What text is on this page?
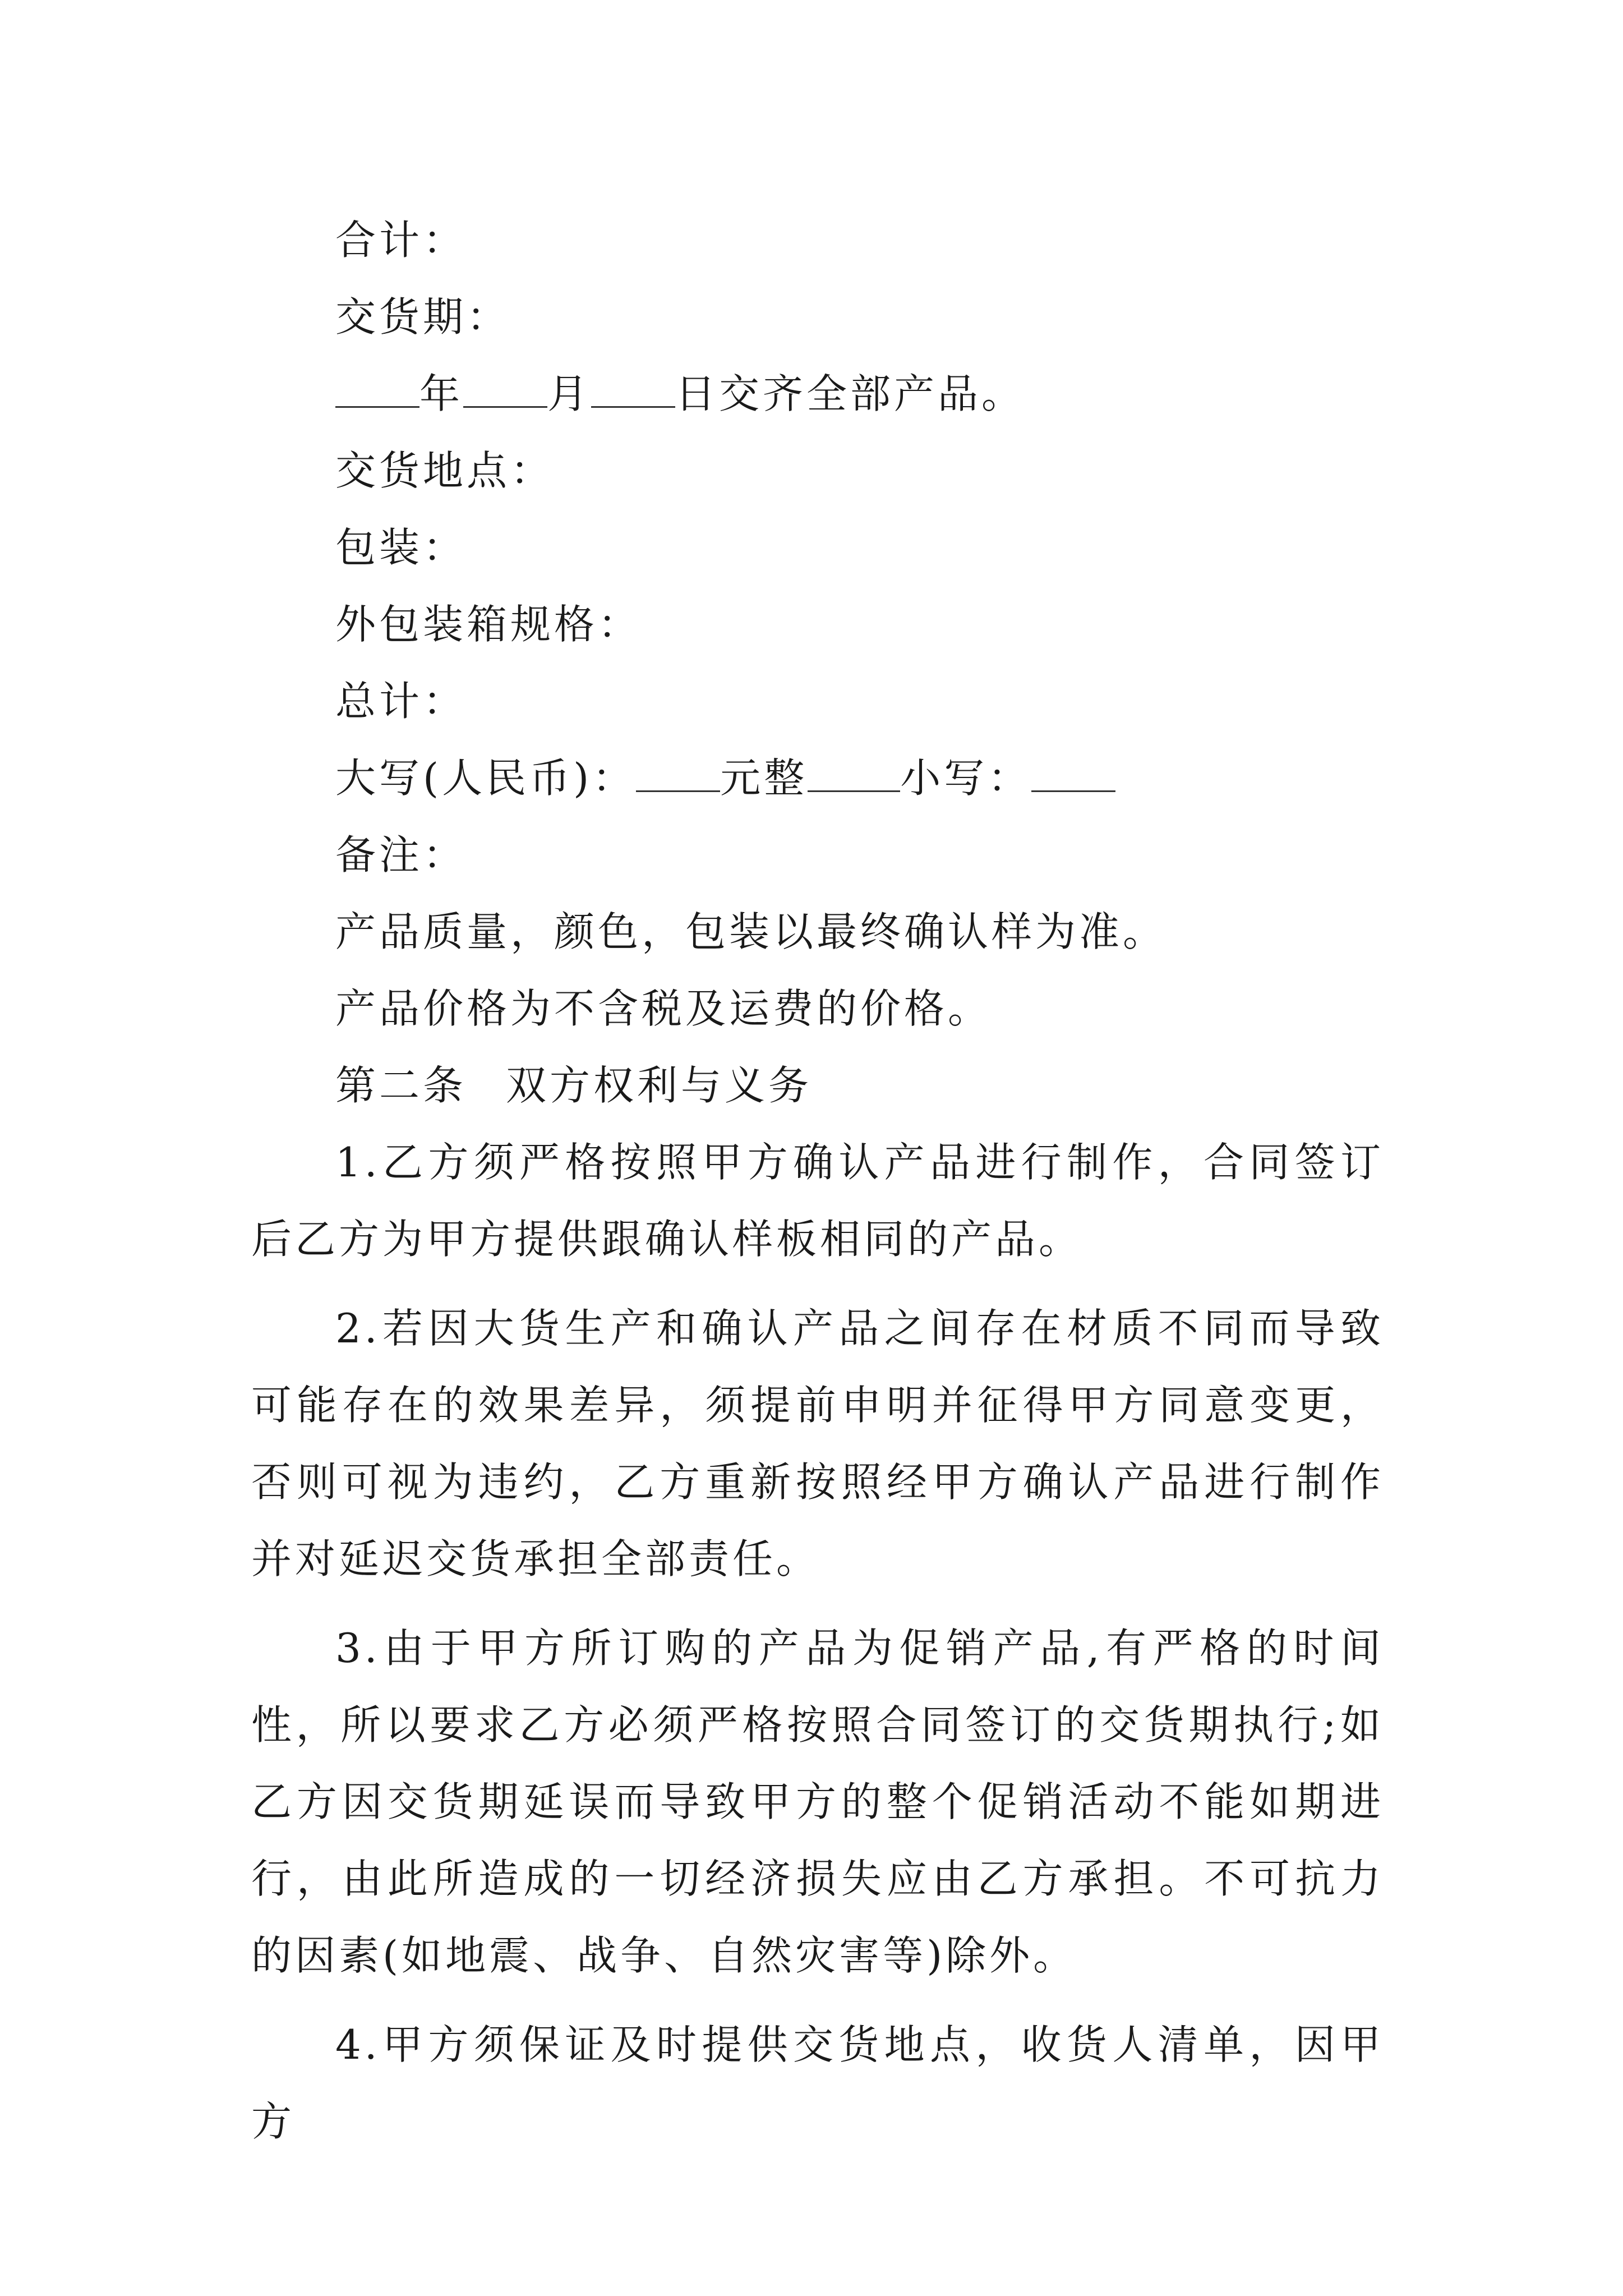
合计：
交货期：
年 月 日交齐全部产品。
交货地点：
包装：
外包装箱规格：
总计：
大写(人民币)： 元整 小写：
备注：
产品质量，颜色，包装以最终确认样为准。
产品价格为不含税及运费的价格。
第二条 双方权利与义务

1.乙方须严格按照甲方确认产品进行制作，合同签订后乙方为甲方提供跟确认样板相同的产品。

2.若因大货生产和确认产品之间存在材质不同而导致可能存在的效果差异，须提前申明并征得甲方同意变更，否则可视为违约，乙方重新按照经甲方确认产品进行制作并对延迟交货承担全部责任。

3.由于甲方所订购的产品为促销产品,有严格的时间性，所以要求乙方必须严格按照合同签订的交货期执行;如乙方因交货期延误而导致甲方的整个促销活动不能如期进行，由此所造成的一切经济损失应由乙方承担。不可抗力的因素(如地震、战争、自然灾害等)除外。

4.甲方须保证及时提供交货地点，收货人清单，因甲方
